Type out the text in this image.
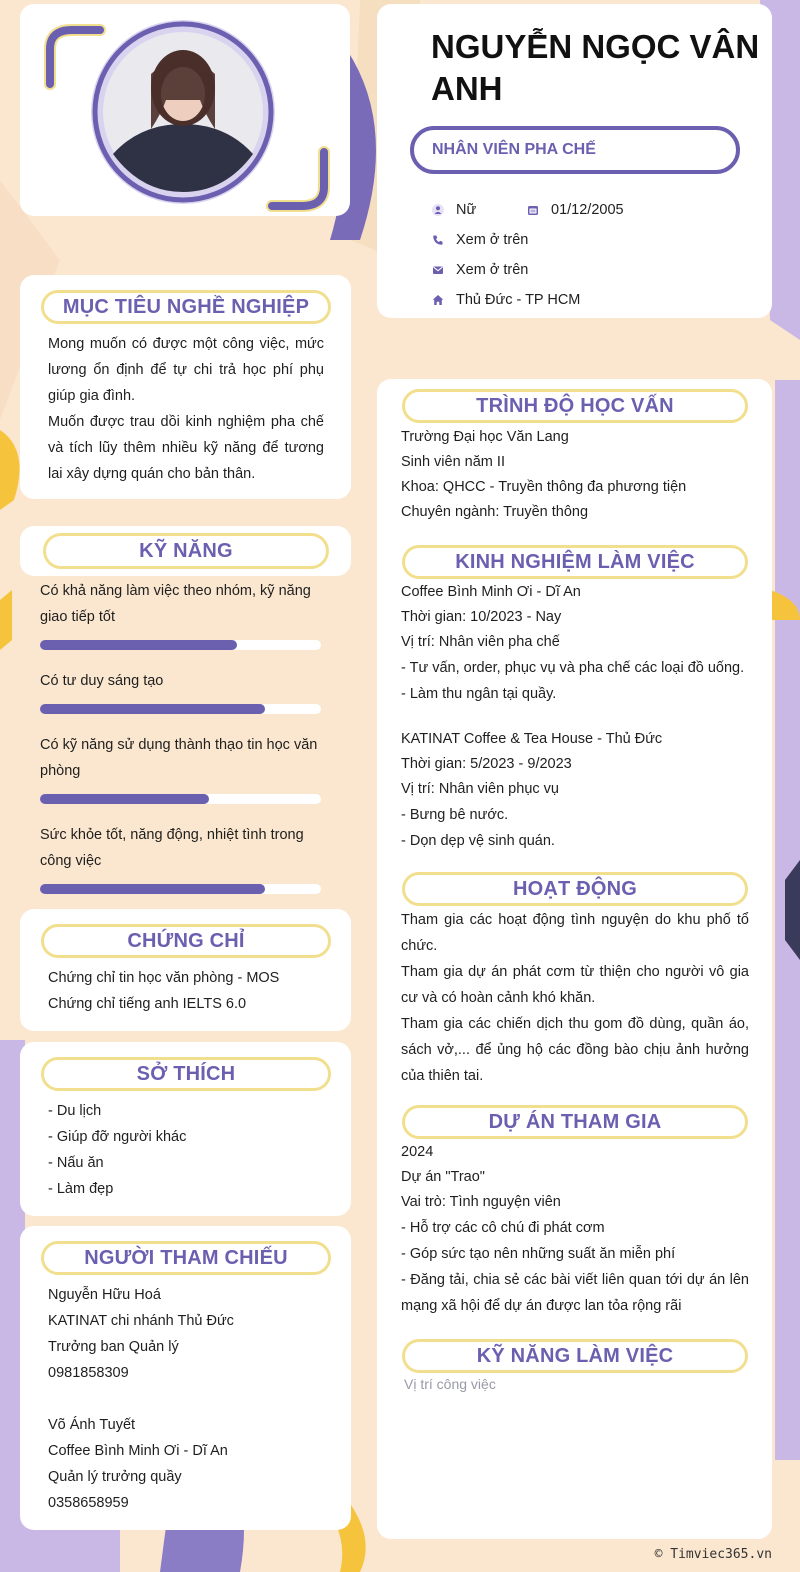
NGUYỄN NGỌC VÂN ANH
NHÂN VIÊN PHA CHẾ
Nữ	01/12/2005
Xem ở trên
Xem ở trên
Thủ Đức - TP HCM
MỤC TIÊU NGHỀ NGHIỆP
Mong muốn có được một công việc, mức lương ổn định để tự chi trả học phí phụ giúp gia đình.
Muốn được trau dồi kinh nghiệm pha chế và tích lũy thêm nhiều kỹ năng để tương lai xây dựng quán cho bản thân.
KỸ NĂNG
Có khả năng làm việc theo nhóm, kỹ năng giao tiếp tốt
Có tư duy sáng tạo
Có kỹ năng sử dụng thành thạo tin học văn phòng
Sức khỏe tốt, năng động, nhiệt tình trong công việc
CHỨNG CHỈ
Chứng chỉ tin học văn phòng - MOS
Chứng chỉ tiếng anh IELTS 6.0
SỞ THÍCH
- Du lịch
- Giúp đỡ người khác
- Nấu ăn
- Làm đẹp
NGƯỜI THAM CHIẾU
Nguyễn Hữu Hoá
KATINAT chi nhánh Thủ Đức
Trưởng ban Quản lý
0981858309
Võ Ánh Tuyết
Coffee Bình Minh Ơi - Dĩ An
Quản lý trưởng quầy
0358658959
TRÌNH ĐỘ HỌC VẤN
Trường Đại học Văn Lang
Sinh viên năm II
Khoa: QHCC - Truyền thông đa phương tiện
Chuyên ngành: Truyền thông
KINH NGHIỆM LÀM VIỆC
Coffee Bình Minh Ơi - Dĩ An
Thời gian: 10/2023 - Nay
Vị trí: Nhân viên pha chế
- Tư vấn, order, phục vụ và pha chế các loại đồ uống.
- Làm thu ngân tại quầy.
KATINAT Coffee & Tea House - Thủ Đức
Thời gian: 5/2023 - 9/2023
Vị trí: Nhân viên phục vụ
- Bưng bê nước.
- Dọn dẹp vệ sinh quán.
HOẠT ĐỘNG
Tham gia các hoạt động tình nguyện do khu phố tổ chức.
Tham gia dự án phát cơm từ thiện cho người vô gia cư và có hoàn cảnh khó khăn.
Tham gia các chiến dịch thu gom đồ dùng, quần áo, sách vở,... để ủng hộ các đồng bào chịu ảnh hưởng của thiên tai.
DỰ ÁN THAM GIA
2024
Dự án "Trao"
Vai trò: Tình nguyện viên
- Hỗ trợ các cô chú đi phát cơm
- Góp sức tạo nên những suất ăn miễn phí
- Đăng tải, chia sẻ các bài viết liên quan tới dự án lên mạng xã hội để dự án được lan tỏa rộng rãi
KỸ NĂNG LÀM VIỆC
Vị trí công việc
© Timviec365.vn
